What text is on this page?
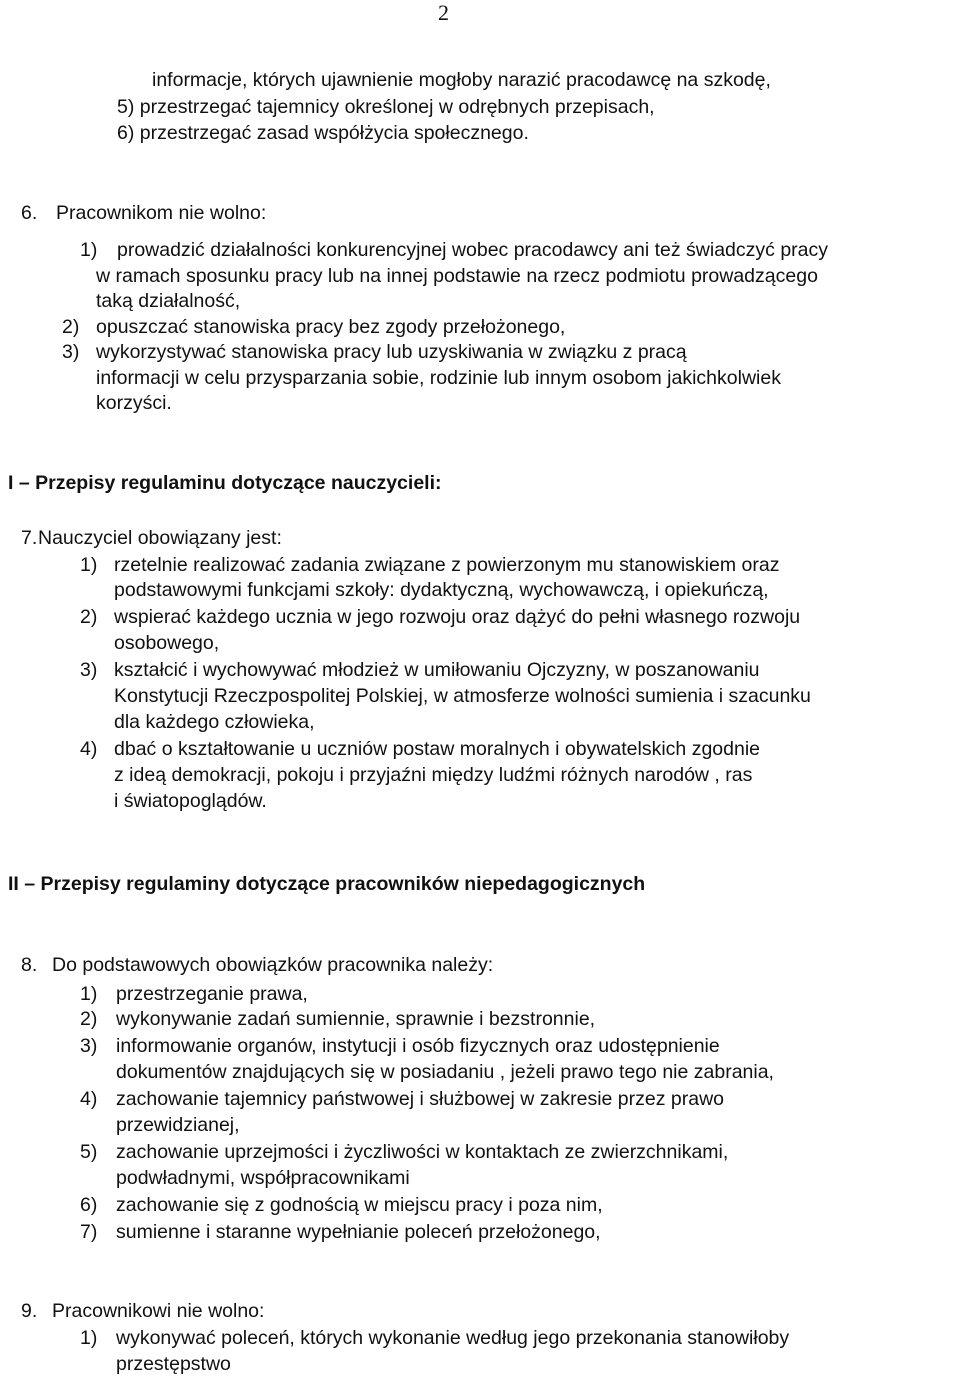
2
informacje, których ujawnienie mogłoby narazić pracodawcę na szkodę,
5) przestrzegać tajemnicy określonej w odrębnych przepisach,
6) przestrzegać zasad współżycia społecznego.
6. Pracownikom nie wolno:
1) prowadzić działalności konkurencyjnej wobec pracodawcy ani też świadczyć pracy
w ramach sposunku pracy lub na innej podstawie na rzecz podmiotu prowadzącego
taką działalność,
2) opuszczać stanowiska pracy bez zgody przełożonego,
3) wykorzystywać stanowiska pracy lub uzyskiwania w związku z pracą
informacji w celu przysparzania sobie, rodzinie lub innym osobom jakichkolwiek
korzyści.
I – Przepisy regulaminu dotyczące nauczycieli:
7. Nauczyciel obowiązany jest:
1) rzetelnie realizować zadania związane z powierzonym mu stanowiskiem oraz
podstawowymi funkcjami szkoły: dydaktyczną, wychowawczą, i opiekuńczą,
2) wspierać każdego ucznia w jego rozwoju oraz dążyć do pełni własnego rozwoju
osobowego,
3) kształcić i wychowywać młodzież w umiłowaniu Ojczyzny, w poszanowaniu
Konstytucji Rzeczpospolitej Polskiej, w atmosferze wolności sumienia i szacunku
dla każdego człowieka,
4) dbać o kształtowanie u uczniów postaw moralnych i obywatelskich zgodnie
z ideą demokracji, pokoju i przyjaźni między ludźmi różnych narodów , ras
i światopoglądów.
II – Przepisy regulaminy dotyczące pracowników niepedagogicznych
8. Do podstawowych obowiązków pracownika należy:
1) przestrzeganie prawa,
2) wykonywanie zadań sumiennie, sprawnie i bezstronnie,
3) informowanie organów, instytucji i osób fizycznych oraz udostępnienie
dokumentów znajdujących się w posiadaniu , jeżeli prawo tego nie zabrania,
4) zachowanie tajemnicy państwowej i służbowej w zakresie przez prawo
przewidzianej,
5) zachowanie uprzejmości i życzliwości w kontaktach ze zwierzchnikami,
podwładnymi, współpracownikami
6) zachowanie się z godnością w miejscu pracy i poza nim,
7) sumienne i staranne wypełnianie poleceń przełożonego,
9. Pracownikowi nie wolno:
1) wykonywać poleceń, których wykonanie według jego przekonania stanowiłoby
przestępstwo
